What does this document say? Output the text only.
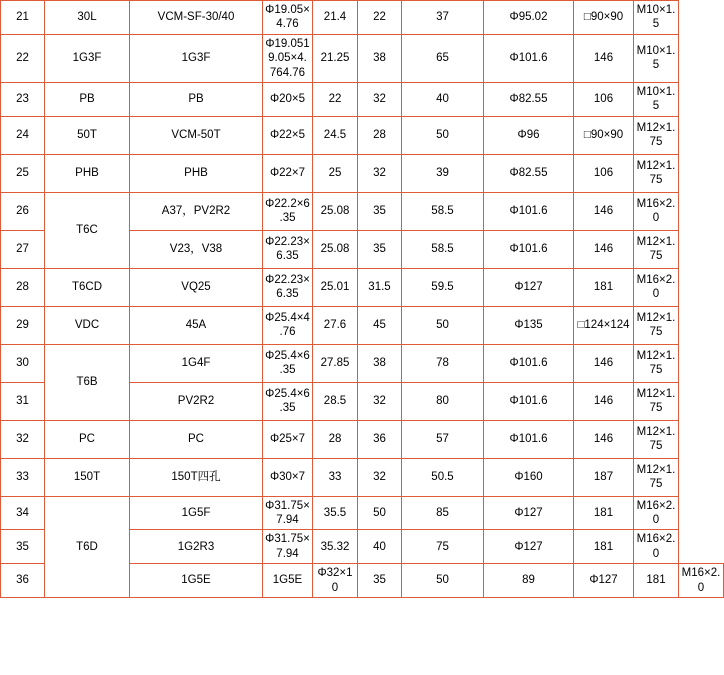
21	30L	VCM-SF-30/40	Φ19.05×4.76	21.4	22	37	Φ95.02	□90×90	M10×1.5	
22	1G3F	1G3F	Φ19.0519.05×4.764.76	21.25	38	65	Φ101.6	146	M10×1.5	
23	PB	PB	Φ20×5	22	32	40	Φ82.55	106	M10×1.5	
24	50T	VCM-50T	Φ22×5	24.5	28	50	Φ96	□90×90	M12×1.75	
25	PHB	PHB	Φ22×7	25	32	39	Φ82.55	106	M12×1.75	
26	T6C	A37，PV2R2	Φ22.2×6.35	25.08	35	58.5	Φ101.6	146	M16×2.0	
27		V23，V38	Φ22.23×6.35	25.08	35	58.5	Φ101.6	146	M12×1.75	
28	T6CD	VQ25	Φ22.23×6.35	25.01	31.5	59.5	Φ127	181	M16×2.0	
29	VDC	45A	Φ25.4×4.76	27.6	45	50	Φ135	□124×124	M12×1.75	
30	T6B	1G4F	Φ25.4×6.35	27.85	38	78	Φ101.6	146	M12×1.75	
31		PV2R2	Φ25.4×6.35	28.5	32	80	Φ101.6	146	M12×1.75	
32	PC	PC	Φ25×7	28	36	57	Φ101.6	146	M12×1.75	
33	150T	150T四孔	Φ30×7	33	32	50.5	Φ160	187	M12×1.75	
34	T6D	1G5F	Φ31.75×7.94	35.5	50	85	Φ127	181	M16×2.0	
35		1G2R3	Φ31.75×7.94	35.32	40	75	Φ127	181	M16×2.0	
36		1G5E	1G5E	Φ32×10	35	50	89	Φ127	181	M16×2.0
